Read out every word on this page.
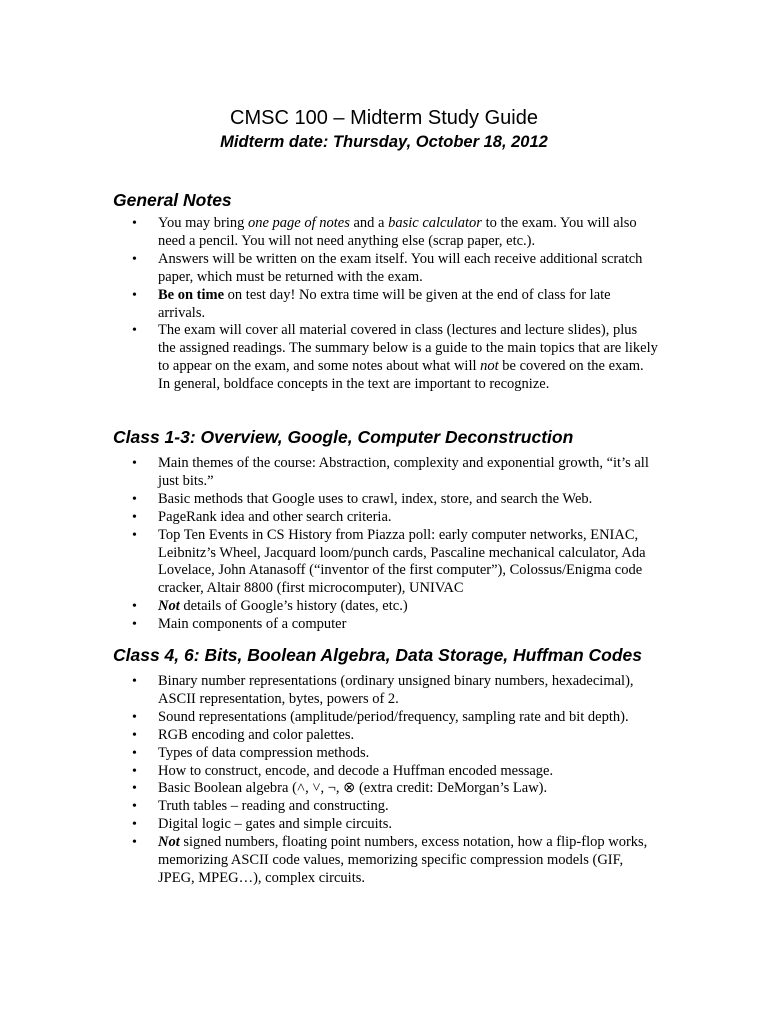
CMSC 100 – Midterm Study Guide
Midterm date: Thursday, October 18, 2012
General Notes
• You may bring one page of notes and a basic calculator to the exam. You will also need a pencil. You will not need anything else (scrap paper, etc.).
• Answers will be written on the exam itself. You will each receive additional scratch paper, which must be returned with the exam.
• Be on time on test day! No extra time will be given at the end of class for late arrivals.
• The exam will cover all material covered in class (lectures and lecture slides), plus the assigned readings. The summary below is a guide to the main topics that are likely to appear on the exam, and some notes about what will not be covered on the exam. In general, boldface concepts in the text are important to recognize.
Class 1-3: Overview, Google, Computer Deconstruction
• Main themes of the course: Abstraction, complexity and exponential growth, “it’s all just bits.”
• Basic methods that Google uses to crawl, index, store, and search the Web.
• PageRank idea and other search criteria.
• Top Ten Events in CS History from Piazza poll: early computer networks, ENIAC, Leibnitz’s Wheel, Jacquard loom/punch cards, Pascaline mechanical calculator, Ada Lovelace, John Atanasoff (“inventor of the first computer”), Colossus/Enigma code cracker, Altair 8800 (first microcomputer), UNIVAC
• Not details of Google’s history (dates, etc.)
• Main components of a computer
Class 4, 6: Bits, Boolean Algebra, Data Storage, Huffman Codes
• Binary number representations (ordinary unsigned binary numbers, hexadecimal), ASCII representation, bytes, powers of 2.
• Sound representations (amplitude/period/frequency, sampling rate and bit depth).
• RGB encoding and color palettes.
• Types of data compression methods.
• How to construct, encode, and decode a Huffman encoded message.
• Basic Boolean algebra (˄, ˅, ¬, ⊗ (extra credit: DeMorgan’s Law).
• Truth tables – reading and constructing.
• Digital logic – gates and simple circuits.
• Not signed numbers, floating point numbers, excess notation, how a flip-flop works, memorizing ASCII code values, memorizing specific compression models (GIF, JPEG, MPEG…), complex circuits.
